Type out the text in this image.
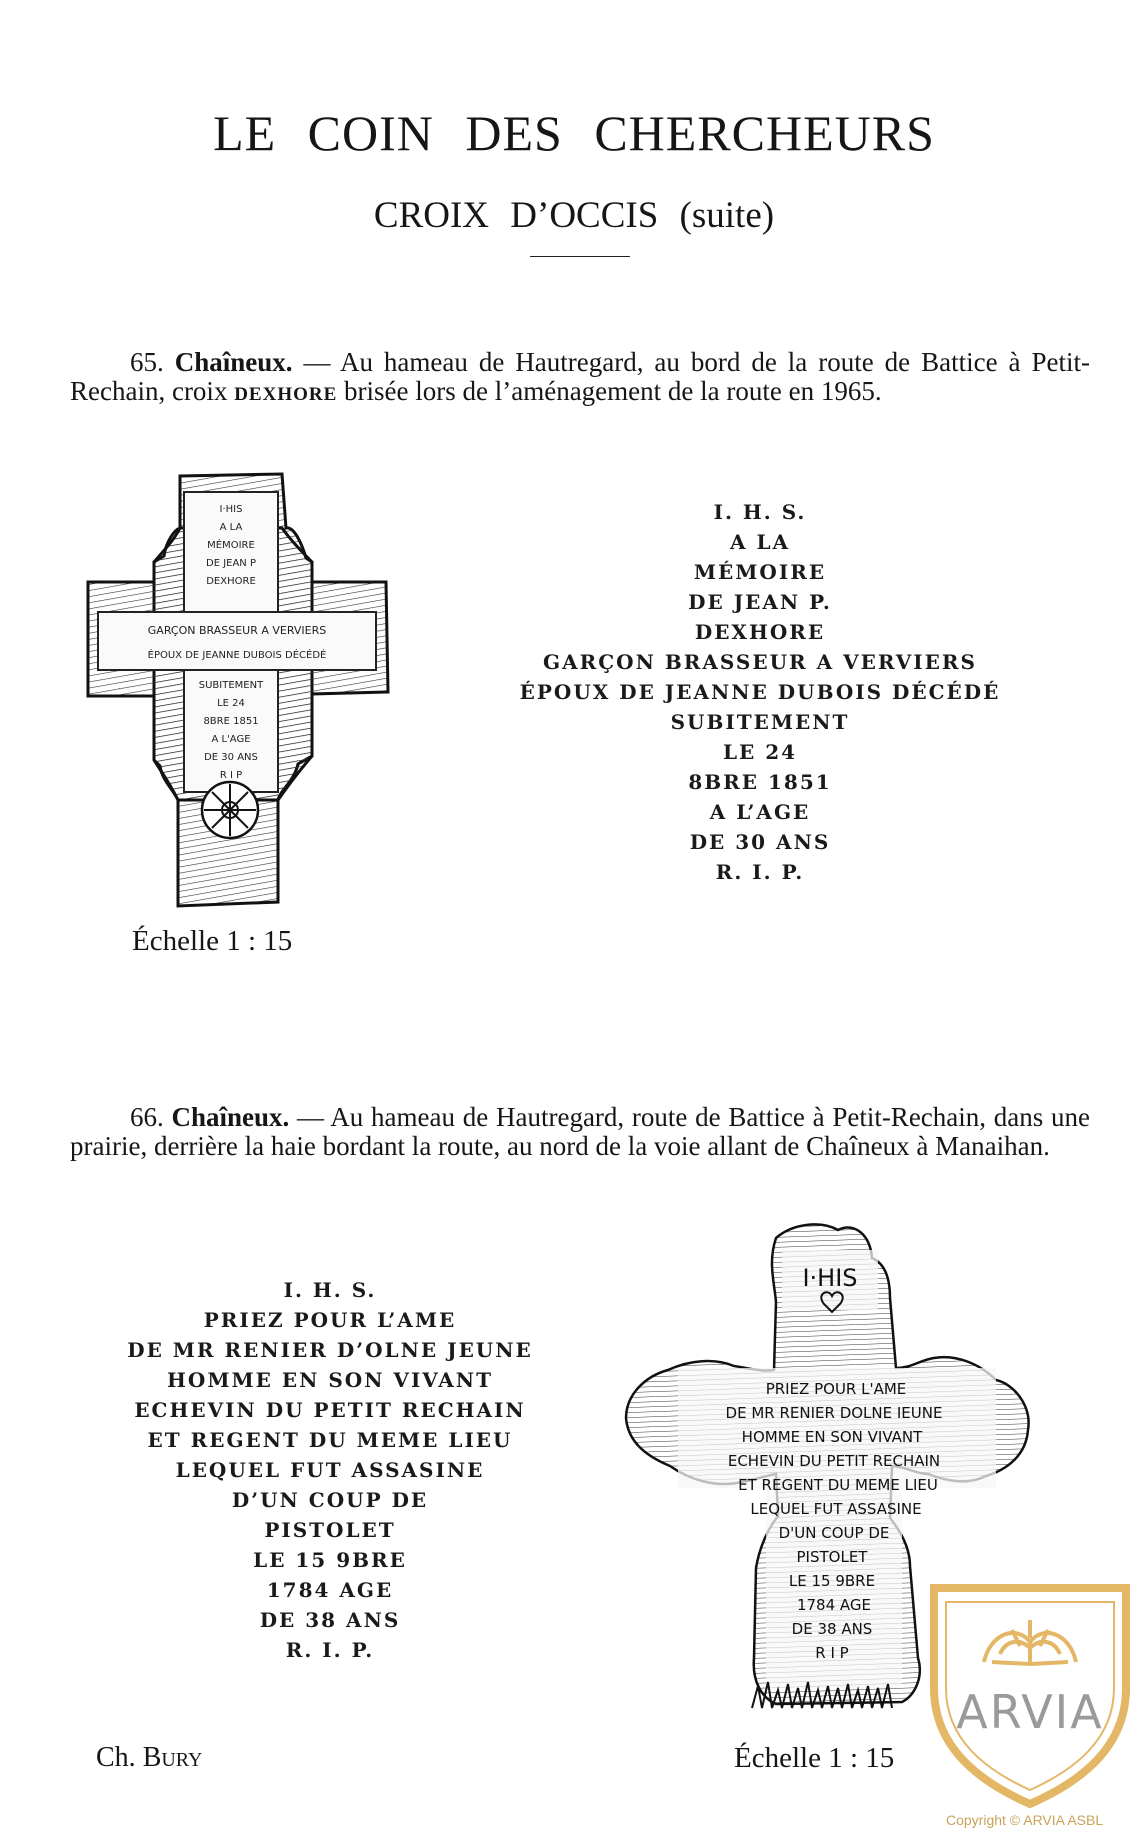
LE COIN DES CHERCHEURS
CROIX D’OCCIS (suite)
65. Chaîneux. — Au hameau de Hautregard, au bord de la route de Battice à Petit-Rechain, croix dexhore brisée lors de l’aménagement de la route en 1965.
I·HIS
A LA
MÉMOIRE
DE JEAN P
DEXHORE
GARÇON BRASSEUR A VERVIERS
ÉPOUX DE JEANNE DUBOIS DÉCÉDÉ
SUBITEMENT
LE 24
8BRE 1851
A L'AGE
DE 30 ANS
R I P
I. H. S.
A LA
MÉMOIRE
DE JEAN P.
DEXHORE
GARÇON BRASSEUR A VERVIERS
ÉPOUX DE JEANNE DUBOIS DÉCÉDÉ
SUBITEMENT
LE 24
8BRE 1851
A L’AGE
DE 30 ANS
R. I. P.
Échelle 1 : 15
66. Chaîneux. — Au hameau de Hautregard, route de Battice à Petit-Rechain, dans une prairie, derrière la haie bordant la route, au nord de la voie allant de Chaîneux à Manaihan.
I. H. S.
PRIEZ POUR L’AME
DE MR RENIER D’OLNE JEUNE
HOMME EN SON VIVANT
ECHEVIN DU PETIT RECHAIN
ET REGENT DU MEME LIEU
LEQUEL FUT ASSASINE
D’UN COUP DE
PISTOLET
LE 15 9BRE
1784 AGE
DE 38 ANS
R. I. P.
I·HIS
PRIEZ POUR L'AME
DE MR RENIER DOLNE IEUNE
HOMME EN SON VIVANT
ECHEVIN DU PETIT RECHAIN
ET REGENT DU MEME LIEU
LEQUEL FUT ASSASINE
D'UN COUP DE
PISTOLET
LE 15 9BRE
1784 AGE
DE 38 ANS
R I P
Ch. Bury	Échelle 1 : 15
ARVIA
Copyright © ARVIA ASBL
